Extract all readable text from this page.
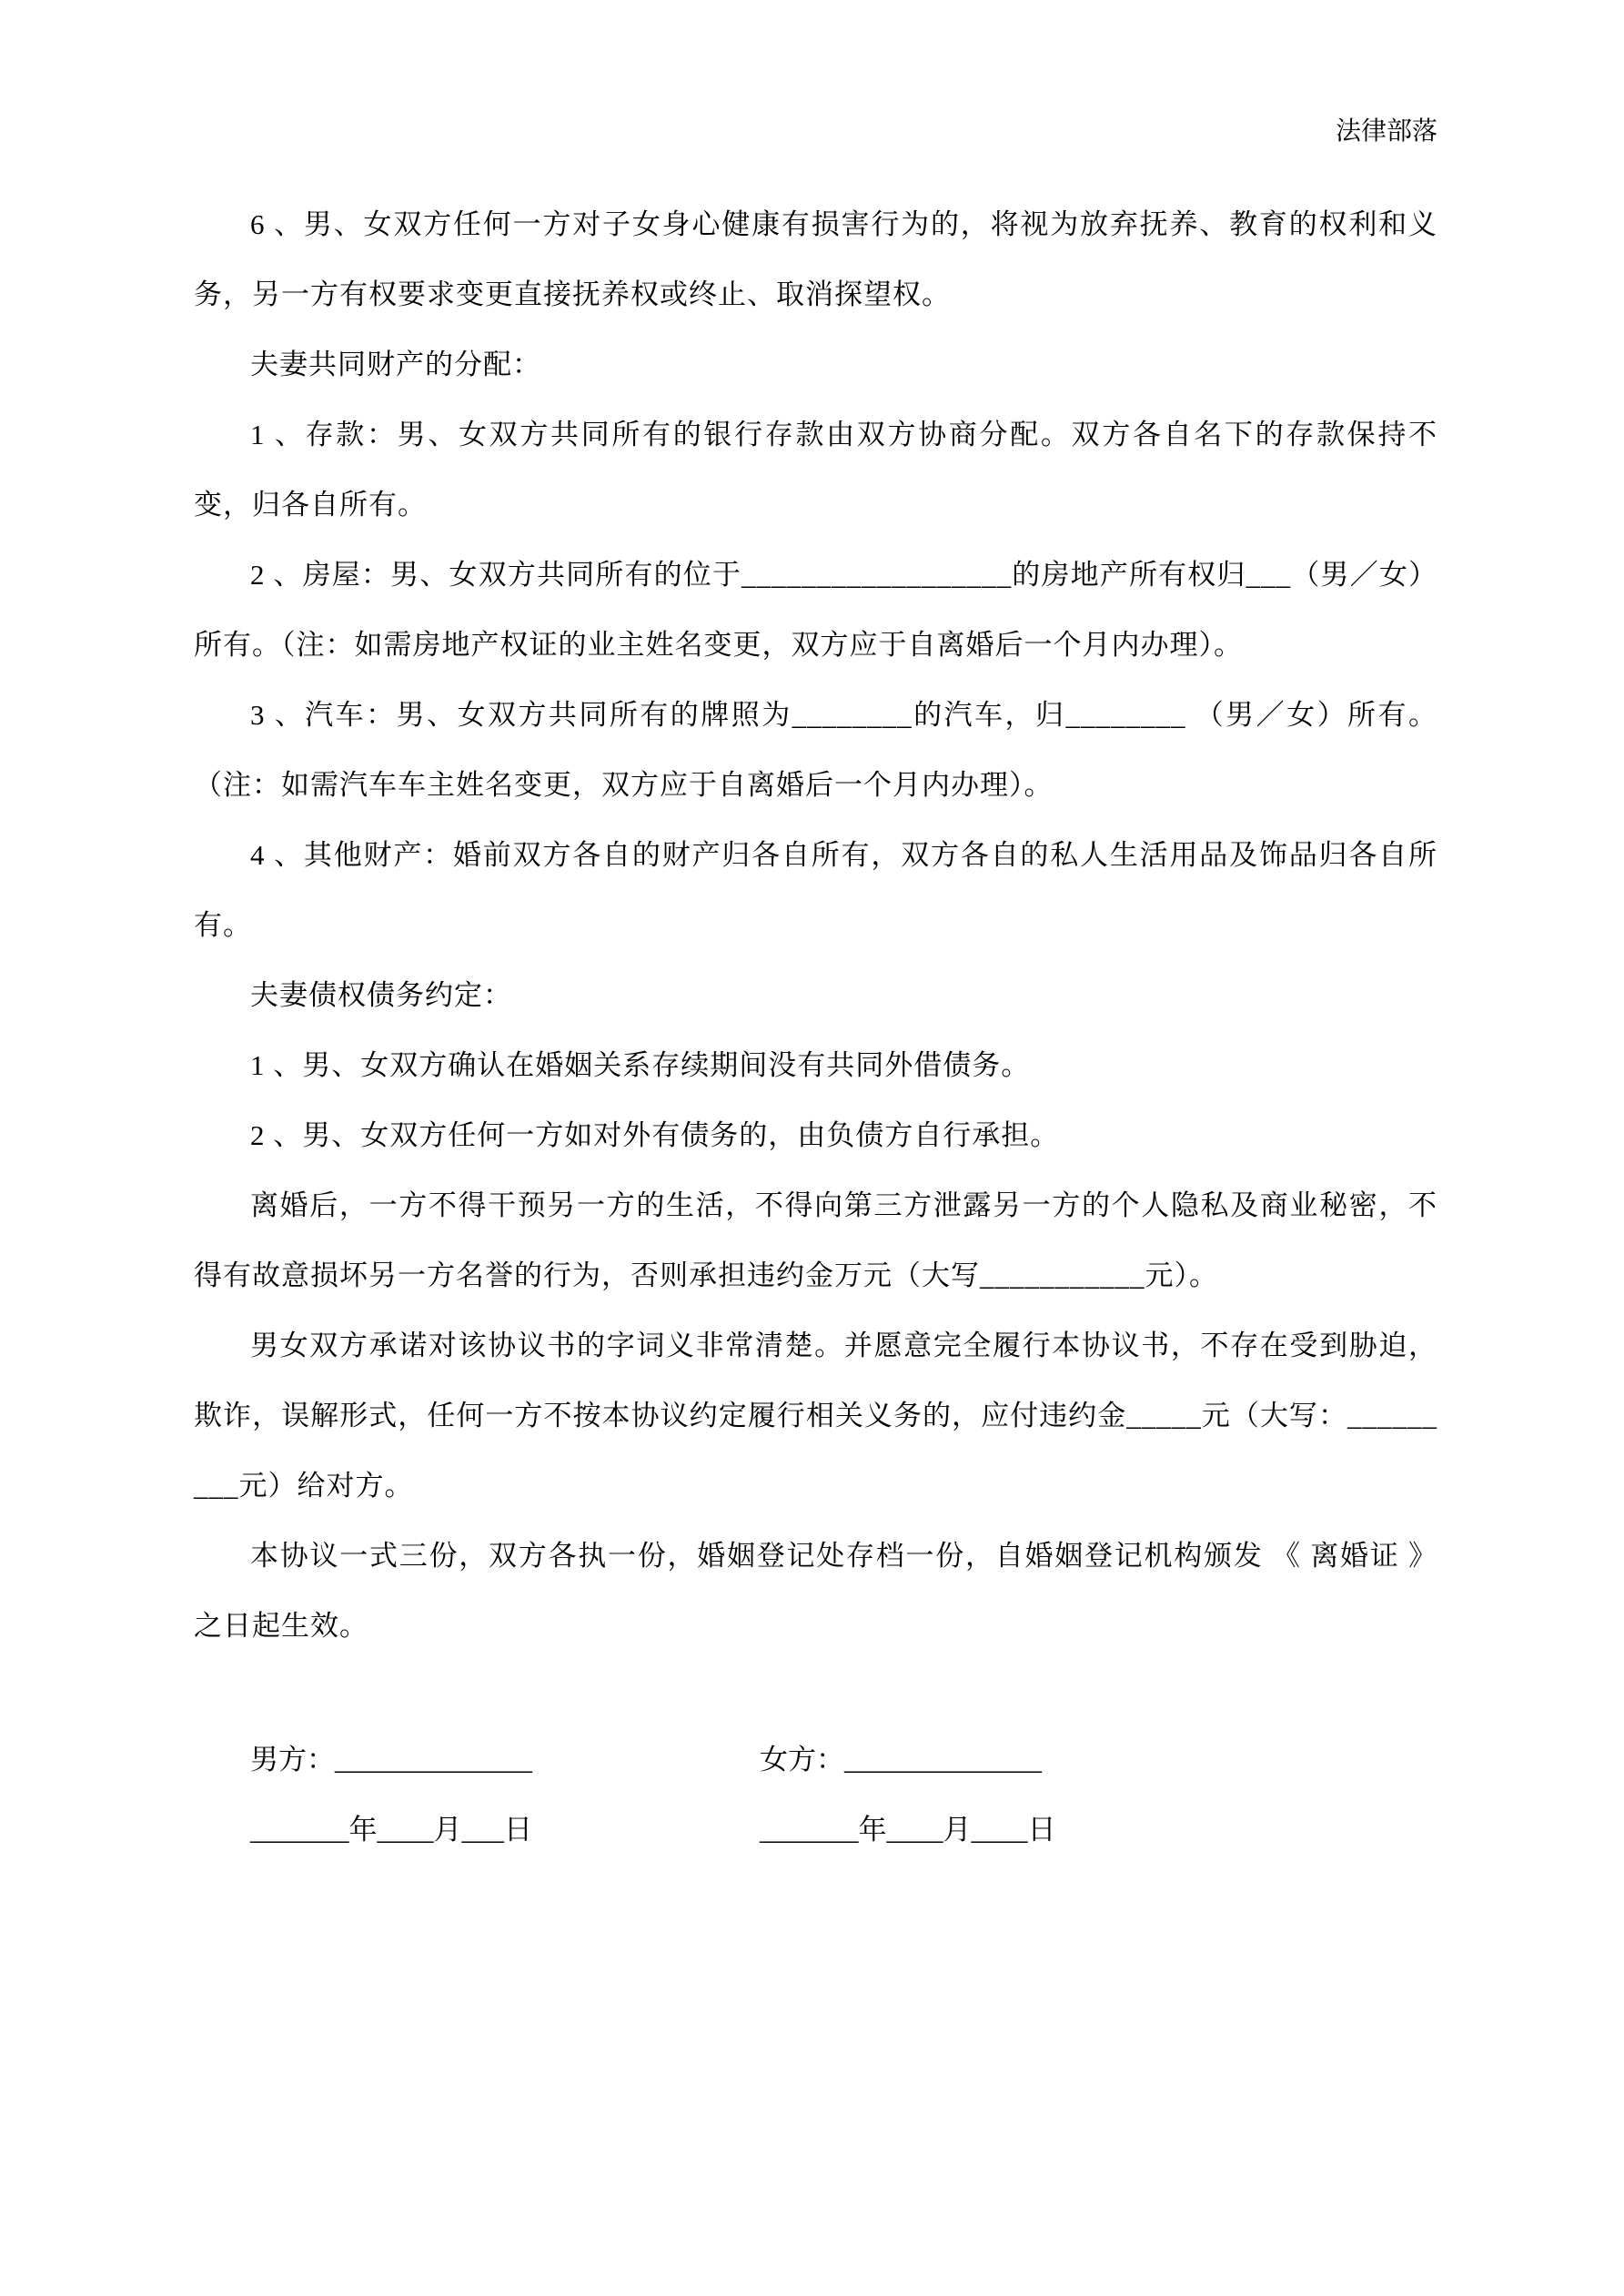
法律部落

6 、男、女双方任何一方对子女身心健康有损害行为的，将视为放弃抚养、教育的权利和义务，另一方有权要求变更直接抚养权或终止、取消探望权。

夫妻共同财产的分配：

1 、存款：男、女双方共同所有的银行存款由双方协商分配。双方各自名下的存款保持不变，归各自所有。

2 、房屋：男、女双方共同所有的位于__________________的房地产所有权归___（男／女）所有。（注：如需房地产权证的业主姓名变更，双方应于自离婚后一个月内办理）。

3 、汽车：男、女双方共同所有的牌照为________的汽车，归________ （男／女）所有。（注：如需汽车车主姓名变更，双方应于自离婚后一个月内办理）。

4 、其他财产：婚前双方各自的财产归各自所有，双方各自的私人生活用品及饰品归各自所有。

夫妻债权债务约定：

1 、男、女双方确认在婚姻关系存续期间没有共同外借债务。

2 、男、女双方任何一方如对外有债务的，由负债方自行承担。

离婚后，一方不得干预另一方的生活，不得向第三方泄露另一方的个人隐私及商业秘密，不得有故意损坏另一方名誉的行为，否则承担违约金万元（大写___________元）。

男女双方承诺对该协议书的字词义非常清楚。并愿意完全履行本协议书，不存在受到胁迫，欺诈，误解形式，任何一方不按本协议约定履行相关义务的，应付违约金_____元（大写：_________元）给对方。

本协议一式三份，双方各执一份，婚姻登记处存档一份，自婚姻登记机构颁发 《 离婚证 》 之日起生效。

男方：______________	女方：______________
_______年____月___日	_______年____月____日
